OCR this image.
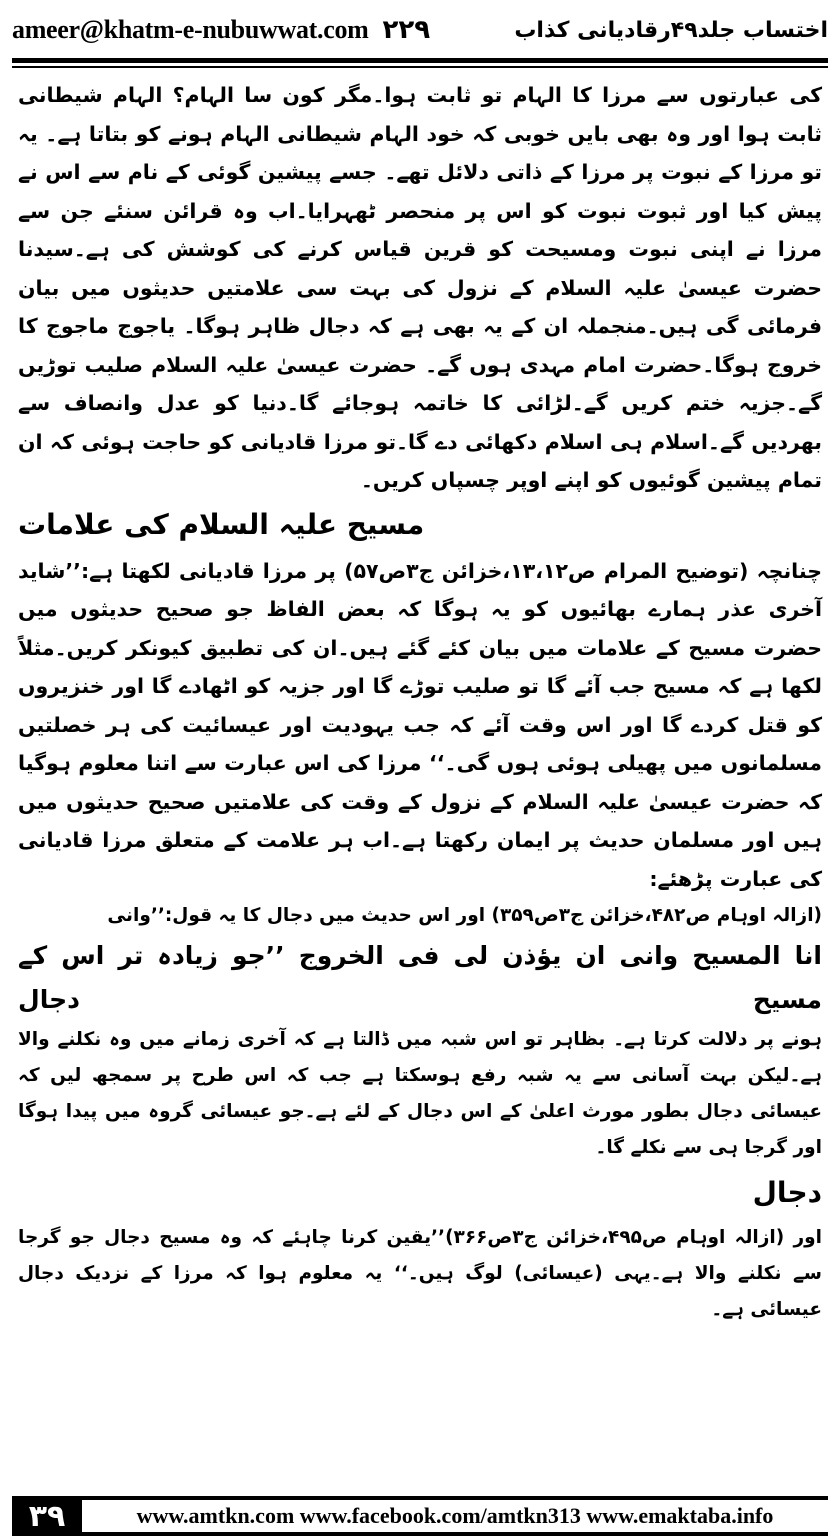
ameer@khatm-e-nubuwwat.com ۲۲۹	اختساب جلد۴۹رقادیانی کذاب

کی عبارتوں سے مرزا کا الہام تو ثابت ہوا۔مگر کون سا الہام؟ الہام شیطانی ثابت ہوا اور وہ بھی بایں خوبی کہ خود الہام شیطانی الہام ہونے کو بتاتا ہے۔ یہ تو مرزا کے نبوت پر مرزا کے ذاتی دلائل تھے۔ جسے پیشین گوئی کے نام سے اس نے پیش کیا اور ثبوت نبوت کو اس پر منحصر ٹھہرایا۔اب وہ قرائن سنئے جن سے مرزا نے اپنی نبوت ومسیحت کو قرین قیاس کرنے کی کوشش کی ہے۔سیدنا حضرت عیسیٰ علیہ السلام کے نزول کی بہت سی علامتیں حدیثوں میں بیان فرمائی گی ہیں۔منجملہ ان کے یہ بھی ہے کہ دجال ظاہر ہوگا۔ یاجوج ماجوج کا خروج ہوگا۔حضرت امام مہدی ہوں گے۔ حضرت عیسیٰ علیہ السلام صلیب توڑیں گے۔جزیہ ختم کریں گے۔لڑائی کا خاتمہ ہوجائے گا۔دنیا کو عدل وانصاف سے بھردیں گے۔اسلام ہی اسلام دکھائی دے گا۔تو مرزا قادیانی کو حاجت ہوئی کہ ان تمام پیشین گوئیوں کو اپنے اوپر چسپاں کریں۔

مسیح علیہ السلام کی علامات

چنانچہ (توضیح المرام ص۱۳،۱۲،خزائن ج۳ص۵۷) پر مرزا قادیانی لکھتا ہے:’’شاید آخری عذر ہمارے بھائیوں کو یہ ہوگا کہ بعض الفاظ جو صحیح حدیثوں میں حضرت مسیح کے علامات میں بیان کئے گئے ہیں۔ان کی تطبیق کیونکر کریں۔مثلاً لکھا ہے کہ مسیح جب آئے گا تو صلیب توڑے گا اور جزیہ کو اٹھادے گا اور خنزیروں کو قتل کردے گا اور اس وقت آئے کہ جب یہودیت اور عیسائیت کی ہر خصلتیں مسلمانوں میں پھیلی ہوئی ہوں گی۔‘‘ مرزا کی اس عبارت سے اتنا معلوم ہوگیا کہ حضرت عیسیٰ علیہ السلام کے نزول کے وقت کی علامتیں صحیح حدیثوں میں ہیں اور مسلمان حدیث پر ایمان رکھتا ہے۔اب ہر علامت کے متعلق مرزا قادیانی کی عبارت پڑھئے:

(ازالہ اوہام ص۴۸۲،خزائن ج۳ص۳۵۹) اور اس حدیث میں دجال کا یہ قول:’’وانی

انا المسیح وانی ان یؤذن لی فی الخروج ’’جو زیادہ تر اس کے مسیح دجال

ہونے پر دلالت کرتا ہے۔ بظاہر تو اس شبہ میں ڈالتا ہے کہ آخری زمانے میں وہ نکلنے والا ہے۔لیکن بہت آسانی سے یہ شبہ رفع ہوسکتا ہے جب کہ اس طرح پر سمجھ لیں کہ عیسائی دجال بطور مورث اعلیٰ کے اس دجال کے لئے ہے۔جو عیسائی گروہ میں پیدا ہوگا اور گرجا ہی سے نکلے گا۔

دجال

اور (ازالہ اوہام ص۴۹۵،خزائن ج۳ص۳۶۶)’’یقین کرنا چاہئے کہ وہ مسیح دجال جو گرجا سے نکلنے والا ہے۔یہی (عیسائی) لوگ ہیں۔‘‘ یہ معلوم ہوا کہ مرزا کے نزدیک دجال عیسائی ہے۔

۳۹	www.amtkn.com www.facebook.com/amtkn313 www.emaktaba.info
